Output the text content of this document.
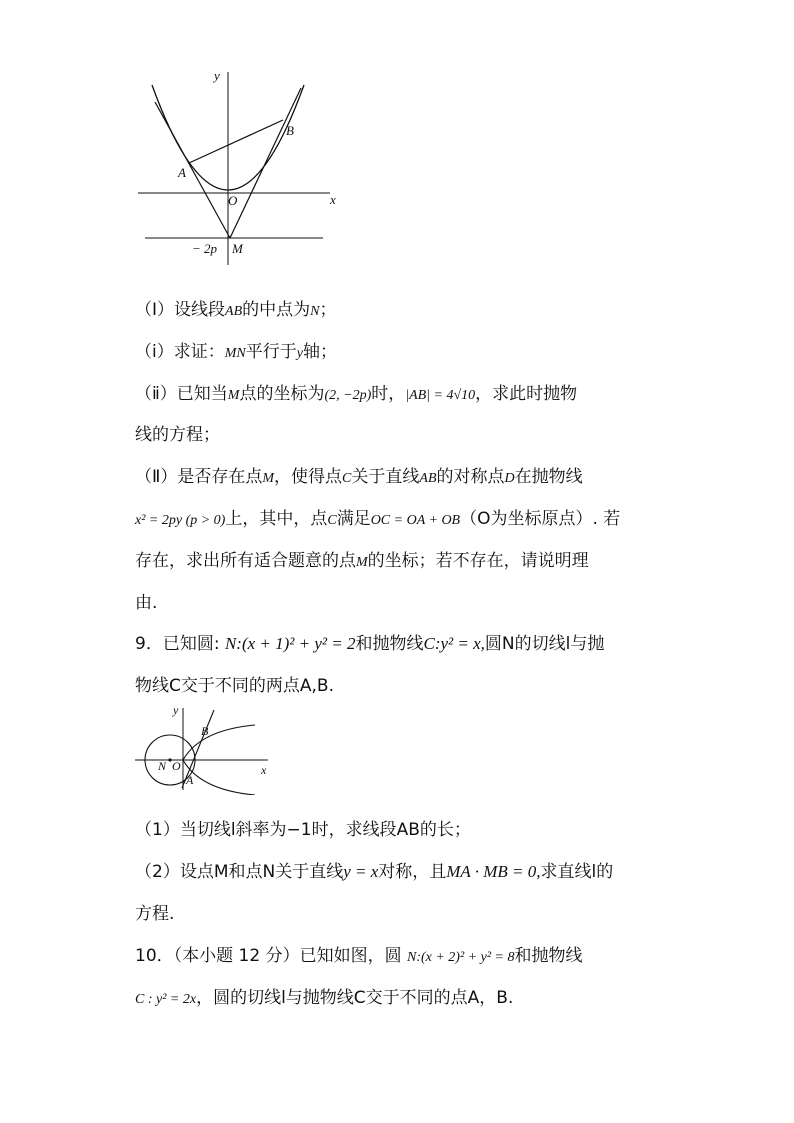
y
x
A
B
O
− 2p M
（Ⅰ）设线段AB的中点为N；
（ⅰ）求证：MN平行于y轴；
（ⅱ）已知当M点的坐标为(2, −2p)时，|AB| = 4√10，求此时抛物
线的方程；
（Ⅱ）是否存在点M，使得点C关于直线AB的对称点D在抛物线
x² = 2py (p > 0)上，其中，点C满足OC = OA + OB（O为坐标原点）. 若
存在，求出所有适合题意的点M的坐标；若不存在，请说明理
由.
9．已知圆: N:(x + 1)² + y² = 2和抛物线C:y² = x,圆N的切线l与抛
物线C交于不同的两点A,B.
（1）当切线l斜率为−1时，求线段AB的长；
（2）设点M和点N关于直线y = x对称，且MA · MB = 0,求直线l的
方程.
10．（本小题 12 分）已知如图，圆 N:(x + 2)² + y² = 8和抛物线
C : y² = 2x，圆的切线l与抛物线C交于不同的点A，B.
y
x
N O
A
B
